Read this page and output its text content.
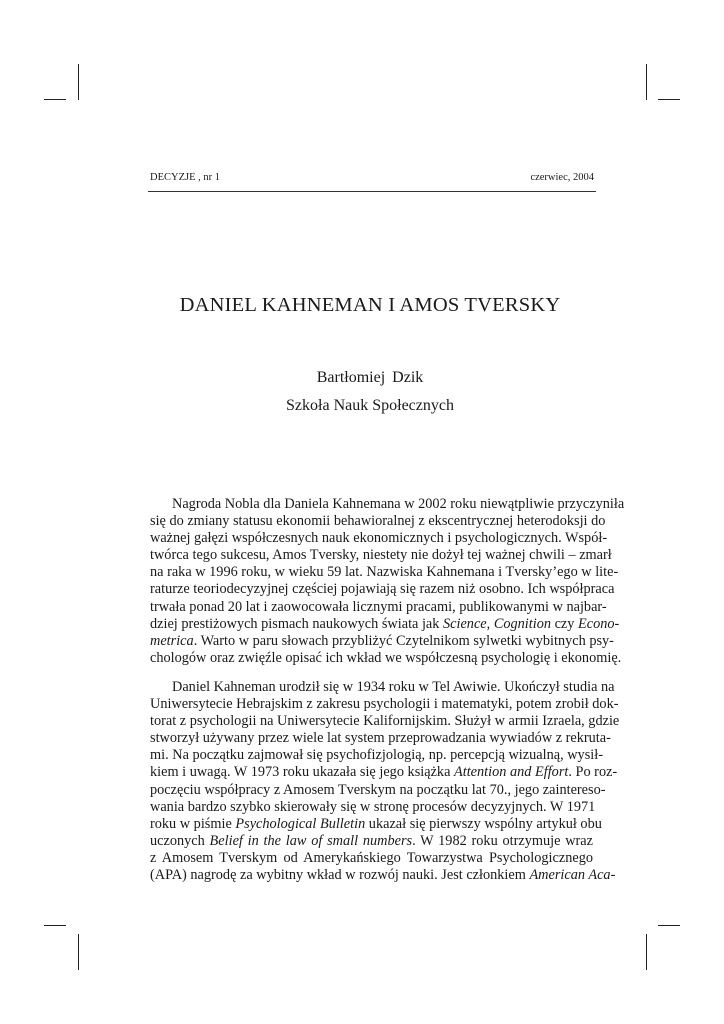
DECYZJE , nr 1	czerwiec, 2004
DANIEL KAHNEMAN I AMOS TVERSKY
Bartłomiej Dzik
Szkoła Nauk Społecznych
Nagroda Nobla dla Daniela Kahnemana w 2002 roku niewątpliwie przyczyniła
się do zmiany statusu ekonomii behawioralnej z ekscentrycznej heterodoksji do
ważnej gałęzi współczesnych nauk ekonomicznych i psychologicznych. Współ-
twórca tego sukcesu, Amos Tversky, niestety nie dożył tej ważnej chwili – zmarł
na raka w 1996 roku, w wieku 59 lat. Nazwiska Kahnemana i Tversky’ego w lite-
raturze teoriodecyzyjnej częściej pojawiają się razem niż osobno. Ich współpraca
trwała ponad 20 lat i zaowocowała licznymi pracami, publikowanymi w najbar-
dziej prestiżowych pismach naukowych świata jak Science, Cognition czy Econo-
metrica. Warto w paru słowach przybliżyć Czytelnikom sylwetki wybitnych psy-
chologów oraz zwięźle opisać ich wkład we współczesną psychologię i ekonomię.
Daniel Kahneman urodził się w 1934 roku w Tel Awiwie. Ukończył studia na
Uniwersytecie Hebrajskim z zakresu psychologii i matematyki, potem zrobił dok-
torat z psychologii na Uniwersytecie Kalifornijskim. Służył w armii Izraela, gdzie
stworzył używany przez wiele lat system przeprowadzania wywiadów z rekruta-
mi. Na początku zajmował się psychofizjologią, np. percepcją wizualną, wysił-
kiem i uwagą. W 1973 roku ukazała się jego książka Attention and Effort. Po roz-
poczęciu współpracy z Amosem Tverskym na początku lat 70., jego zaintereso-
wania bardzo szybko skierowały się w stronę procesów decyzyjnych. W 1971
roku w piśmie Psychological Bulletin ukazał się pierwszy wspólny artykuł obu
uczonych Belief in the law of small numbers. W 1982 roku otrzymuje wraz
z Amosem Tverskym od Amerykańskiego Towarzystwa Psychologicznego
(APA) nagrodę za wybitny wkład w rozwój nauki. Jest członkiem American Aca-
